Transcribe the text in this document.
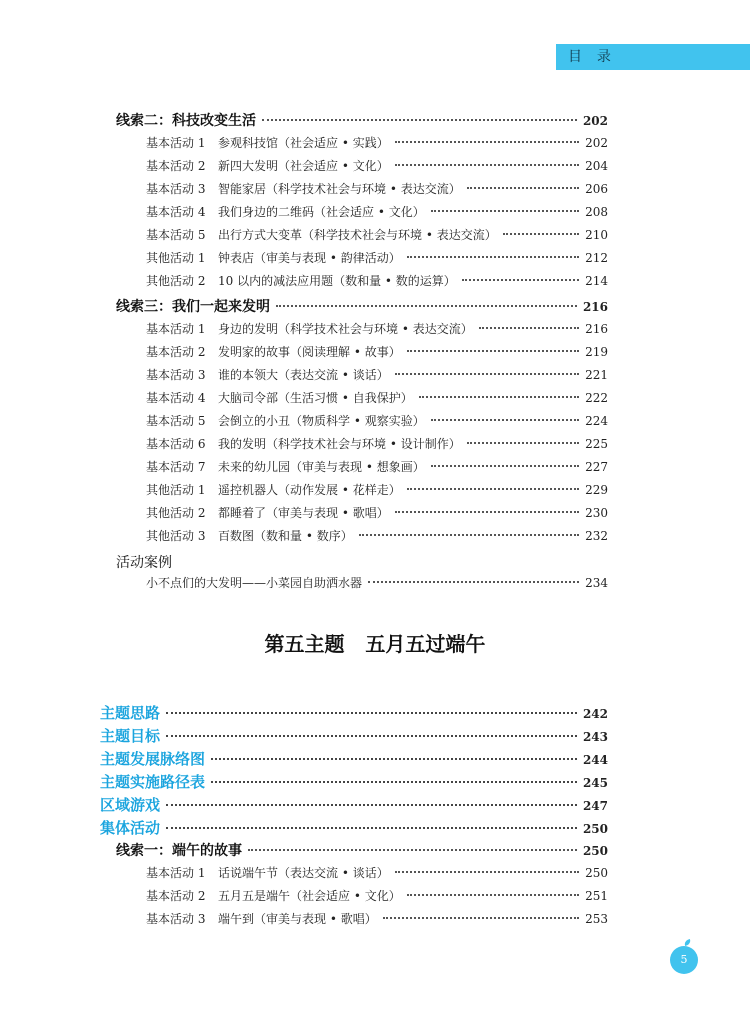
目  录
线索二：科技改变生活	202
基本活动 1	参观科技馆（社会适应 • 实践）	202
基本活动 2	新四大发明（社会适应 • 文化）	204
基本活动 3	智能家居（科学技术社会与环境 • 表达交流）	206
基本活动 4	我们身边的二维码（社会适应 • 文化）	208
基本活动 5	出行方式大变革（科学技术社会与环境 • 表达交流）	210
其他活动 1	钟表店（审美与表现 • 韵律活动）	212
其他活动 2	10 以内的减法应用题（数和量 • 数的运算）	214
线索三：我们一起来发明	216
基本活动 1	身边的发明（科学技术社会与环境 • 表达交流）	216
基本活动 2	发明家的故事（阅读理解 • 故事）	219
基本活动 3	谁的本领大（表达交流 • 谈话）	221
基本活动 4	大脑司令部（生活习惯 • 自我保护）	222
基本活动 5	会倒立的小丑（物质科学 • 观察实验）	224
基本活动 6	我的发明（科学技术社会与环境 • 设计制作）	225
基本活动 7	未来的幼儿园（审美与表现 • 想象画）	227
其他活动 1	遥控机器人（动作发展 • 花样走）	229
其他活动 2	都睡着了（审美与表现 • 歌唱）	230
其他活动 3	百数图（数和量 • 数序）	232
活动案例
小不点们的大发明——小菜园自助洒水器	234
主题思路	242
主题目标	243
主题发展脉络图	244
主题实施路径表	245
区域游戏	247
集体活动	250
线索一：端午的故事	250
基本活动 1	话说端午节（表达交流 • 谈话）	250
基本活动 2	五月五是端午（社会适应 • 文化）	251
基本活动 3	端午到（审美与表现 • 歌唱）	253
第五主题   五月五过端午
5
